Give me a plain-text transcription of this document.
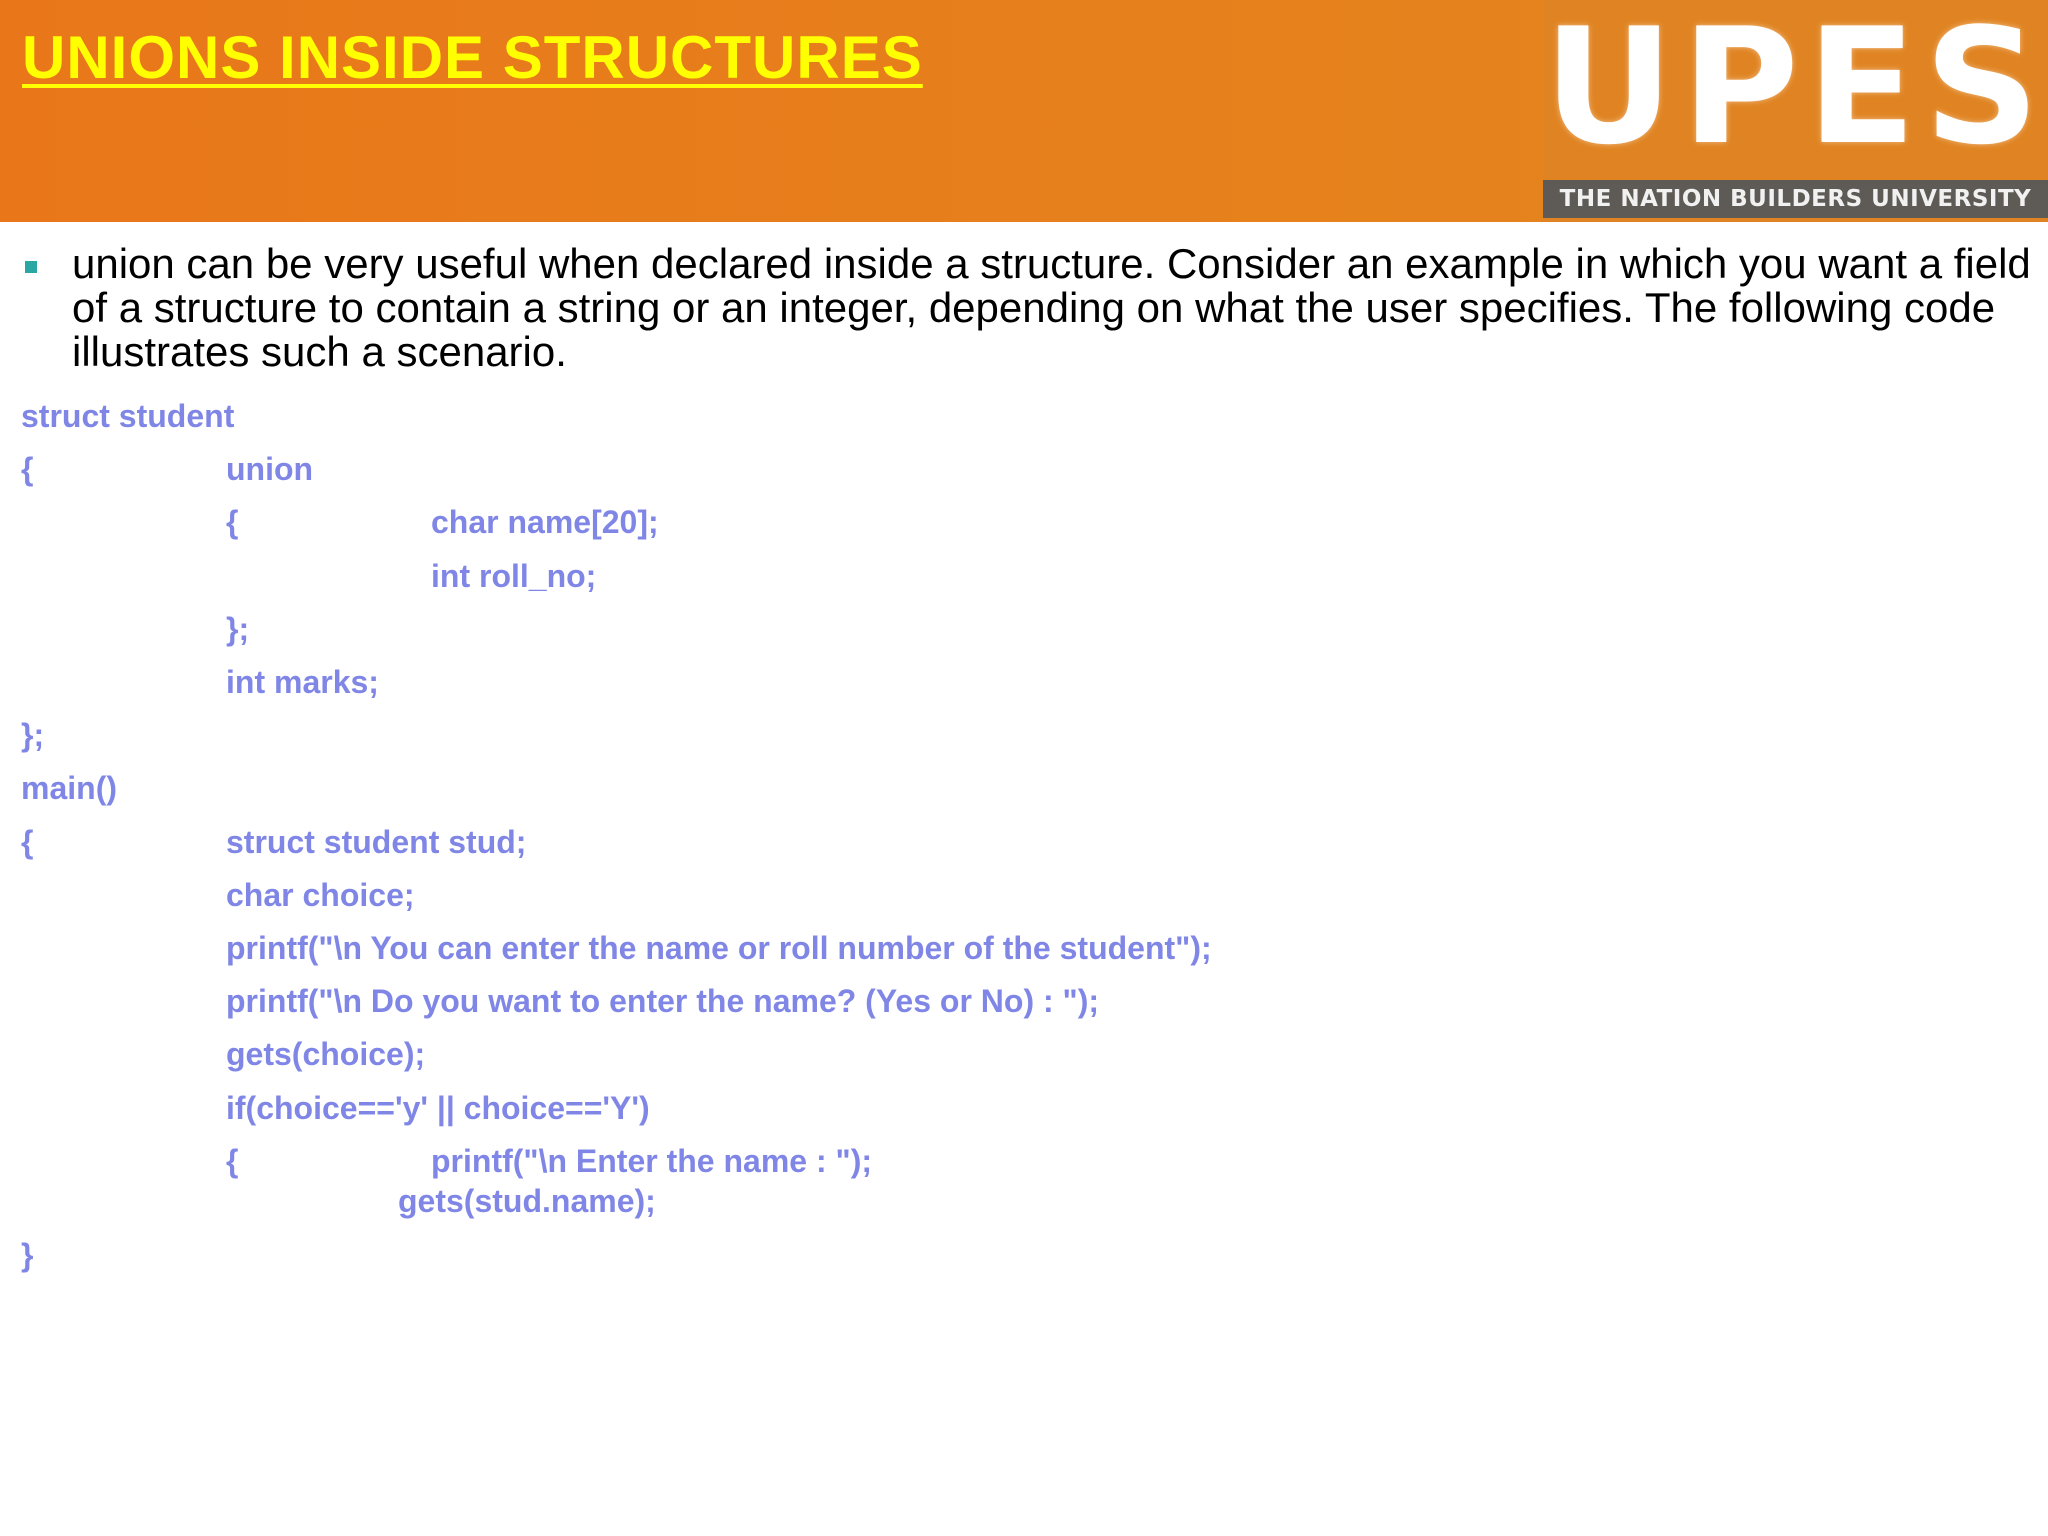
UNIONS INSIDE STRUCTURES	UPES
THE NATION BUILDERS UNIVERSITY

union can be very useful when declared inside a structure. Consider an example in which you want a field of a structure to contain a string or an integer, depending on what the user specifies. The following code illustrates such a scenario.

struct student
{	union
{	char name[20];
int roll_no;
};
int marks;
};
main()
{	struct student stud;
char choice;
printf("\n You can enter the name or roll number of the student");
printf("\n Do you want to enter the name? (Yes or No) : ");
gets(choice);
if(choice=='y' || choice=='Y')
{	printf("\n Enter the name : ");
gets(stud.name);
}
